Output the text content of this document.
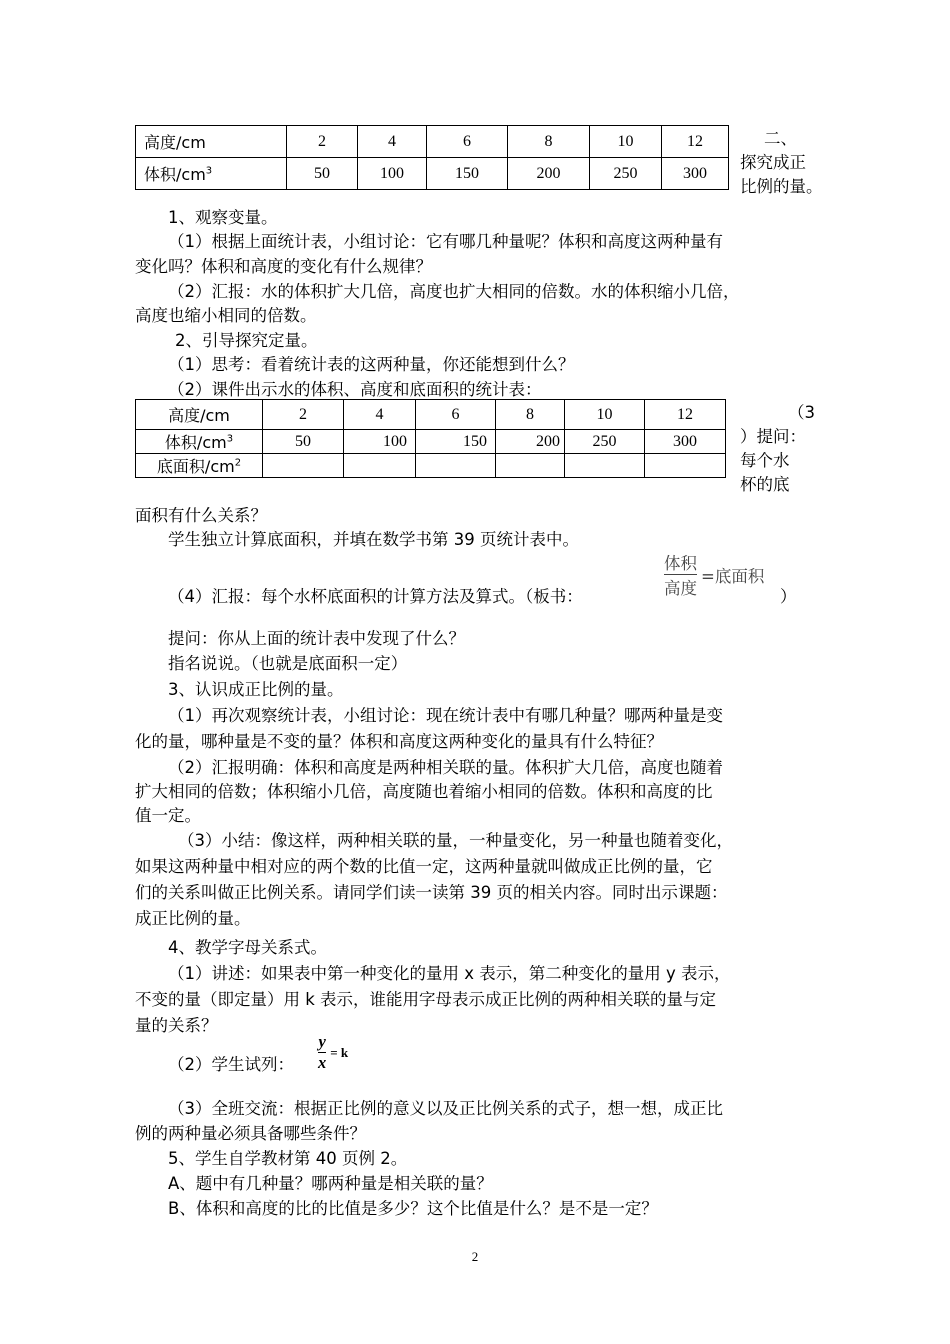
高度/cm	2	4	6	8	10	12
体积$/cm^3$	50	100	150	200	250	300
二、
探究成正
比例的量。
1、观察变量。
（1）根据上面统计表，小组讨论：它有哪几种量呢？体积和高度这两种量有
变化吗？体积和高度的变化有什么规律？
（2）汇报：水的体积扩大几倍，高度也扩大相同的倍数。水的体积缩小几倍，
高度也缩小相同的倍数。
2、引导探究定量。
（1）思考：看着统计表的这两种量，你还能想到什么？
（2）课件出示水的体积、高度和底面积的统计表：
高度/cm	2	4	6	8	10	12
体积$/cm^3$	50	100	150	200	250	300
底面积$/cm^2$						
（3
）提问：
每个水
杯的底
面积有什么关系？
学生独立计算底面积，并填在数学书第 39 页统计表中。
（4）汇报：每个水杯底面积的计算方法及算式。（板书：
体积
高度
=底面积
）
提问：你从上面的统计表中发现了什么？
指名说说。（也就是底面积一定）
3、认识成正比例的量。
（1）再次观察统计表，小组讨论：现在统计表中有哪几种量？哪两种量是变
化的量，哪种量是不变的量？体积和高度这两种变化的量具有什么特征？
（2）汇报明确：体积和高度是两种相关联的量。体积扩大几倍，高度也随着
扩大相同的倍数；体积缩小几倍，高度随也着缩小相同的倍数。体积和高度的比
值一定。
（3）小结：像这样，两种相关联的量，一种量变化，另一种量也随着变化，
如果这两种量中相对应的两个数的比值一定，这两种量就叫做成正比例的量，它
们的关系叫做正比例关系。请同学们读一读第 39 页的相关内容。同时出示课题：
成正比例的量。
4、教学字母关系式。
（1）讲述：如果表中第一种变化的量用 x 表示，第二种变化的量用 y 表示，
不变的量（即定量）用 k 表示，谁能用字母表示成正比例的两种相关联的量与定
量的关系？
（2）学生试列：
y
x
= k
（3）全班交流：根据正比例的意义以及正比例关系的式子，想一想，成正比
例的两种量必须具备哪些条件？
5、学生自学教材第 40 页例 2。
A、题中有几种量？哪两种量是相关联的量？
B、体积和高度的比的比值是多少？这个比值是什么？是不是一定？
2
